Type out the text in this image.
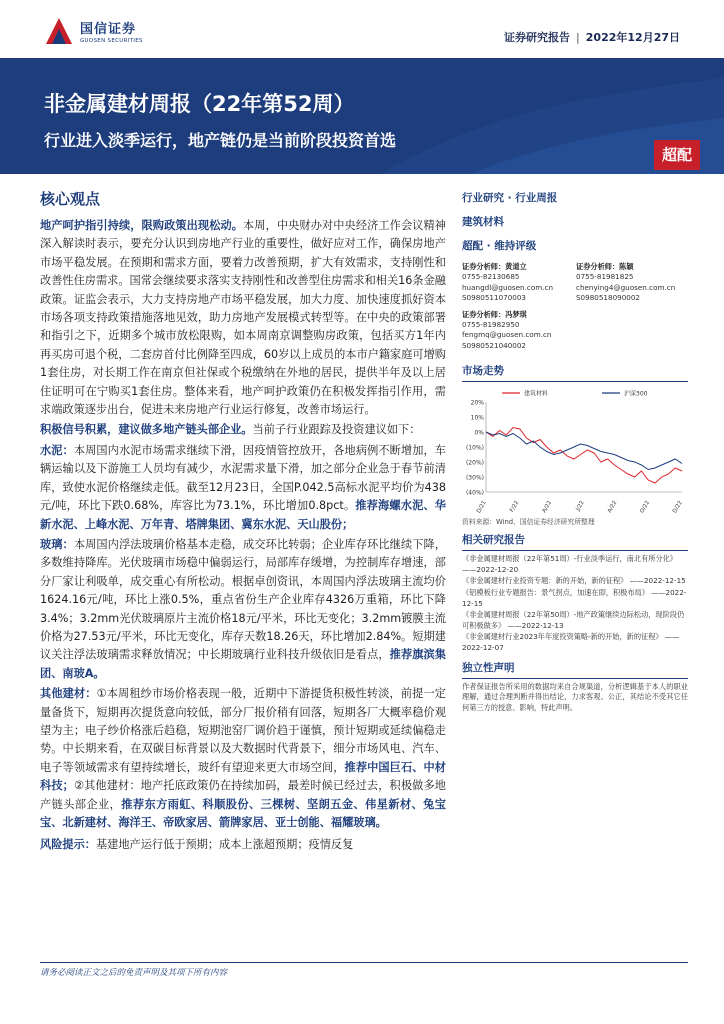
国信证券
GUOSEN SECURITIES	证券研究报告 | 2022年12月27日
非金属建材周报（22年第52周）
行业进入淡季运行，地产链仍是当前阶段投资首选
超配
核心观点

地产呵护指引持续，限购政策出现松动。本周，中央财办对中央经济工作会议精神深入解读时表示，要充分认识到房地产行业的重要性，做好应对工作，确保房地产市场平稳发展。在预期和需求方面，要着力改善预期，扩大有效需求，支持刚性和改善性住房需求。国常会继续要求落实支持刚性和改善型住房需求和相关16条金融政策。证监会表示，大力支持房地产市场平稳发展，加大力度、加快速度抓好资本市场各项支持政策措施落地见效，助力房地产发展模式转型等。在中央的政策部署和指引之下，近期多个城市放松限购，如本周南京调整购房政策，包括买方1年内再买房可退个税，二套房首付比例降至四成，60岁以上成员的本市户籍家庭可增购1套住房，对长期工作在南京但社保或个税缴纳在外地的居民，提供半年及以上居住证明可在宁购买1套住房。整体来看，地产呵护政策仍在积极发挥指引作用，需求端政策逐步出台，促进未来房地产行业运行修复，改善市场运行。

积极信号积累，建议做多地产链头部企业。当前子行业跟踪及投资建议如下：

水泥：本周国内水泥市场需求继续下滑，因疫情管控放开，各地病例不断增加，车辆运输以及下游施工人员均有减少，水泥需求量下滑，加之部分企业急于春节前清库，致使水泥价格继续走低。截至12月23日，全国P.042.5高标水泥平均价为438元/吨，环比下跌0.68%，库容比为73.1%，环比增加0.8pct。推荐海螺水泥、华新水泥、上峰水泥、万年青、塔牌集团、冀东水泥、天山股份；

玻璃：本周国内浮法玻璃价格基本走稳，成交环比转弱；企业库存环比继续下降，多数维持降库。光伏玻璃市场稳中偏弱运行，局部库存缓增，为控制库存增速，部分厂家让利吸单，成交重心有所松动。根据卓创资讯，本周国内浮法玻璃主流均价1624.16元/吨，环比上涨0.5%，重点省份生产企业库存4326万重箱，环比下降3.4%；3.2mm光伏玻璃原片主流价格18元/平米，环比无变化；3.2mm镀膜主流价格为27.53元/平米，环比无变化，库存天数18.26天，环比增加2.84%。短期建议关注浮法玻璃需求释放情况；中长期玻璃行业科技升级依旧是看点，推荐旗滨集团、南玻A。

其他建材：①本周租纱市场价格表现一般，近期中下游提货积极性转淡，前提一定量备货下，短期再次提货意向较低，部分厂报价稍有回落，短期各厂大概率稳价观望为主；电子纱价格涨后趋稳，短期池窑厂调价趋于谨慎，预计短期或延续偏稳走势。中长期来看，在双碳目标背景以及大数据时代背景下，细分市场风电、汽车、电子等领域需求有望持续增长，玻纤有望迎来更大市场空间，推荐中国巨石、中材科技；②其他建材：地产托底政策仍在持续加码，最差时候已经过去，积极做多地产链头部企业，推荐东方雨虹、科顺股份、三棵树、坚朗五金、伟星新材、兔宝宝、北新建材、海洋王、帝欧家居、箭牌家居、亚士创能、福耀玻璃。

风险提示：基建地产运行低于预期；成本上涨超预期；疫情反复

行业研究 · 行业周报
建筑材料
超配 · 维持评级
证券分析师：黄道立
0755-82130685
huangdl@guosen.com.cn
S0980511070003
证券分析师：陈颖
0755-81981825
chenying4@guosen.com.cn
S0980518090002
证券分析师：冯梦琪
0755-81982950
fengmq@guosen.com.cn
S0980521040002
市场走势
20%
10%
0%
(10%)
(20%)
(30%)
(40%)
D/21	F/22	A/22	J/22	A/22	O/22	D/22
建筑材料	沪深300
资料来源：Wind、国信证券经济研究所整理
相关研究报告
《非金属建材周报（22年第51周）-行业淡季运行，南北有所分化》 ——2022-12-20
《非金属建材行业投资专题：新的开始，新的征程》 ——2022-12-15
《铝模板行业专题报告：景气拐点，加速在即，积极布局》 ——2022-12-15
《非金属建材周报（22年第50周）-地产政策继续边际松动，现阶段仍可积极做多》 ——2022-12-13
《非金属建材行业2023年年度投资策略-新的开始，新的征程》 ——2022-12-07
独立性声明
作者保证报告所采用的数据均来自合规渠道，分析逻辑基于本人的职业理解，通过合理判断并得出结论，力求客观、公正，其结论不受其它任何第三方的授意、影响，特此声明。
请务必阅读正文之后的免责声明及其项下所有内容
